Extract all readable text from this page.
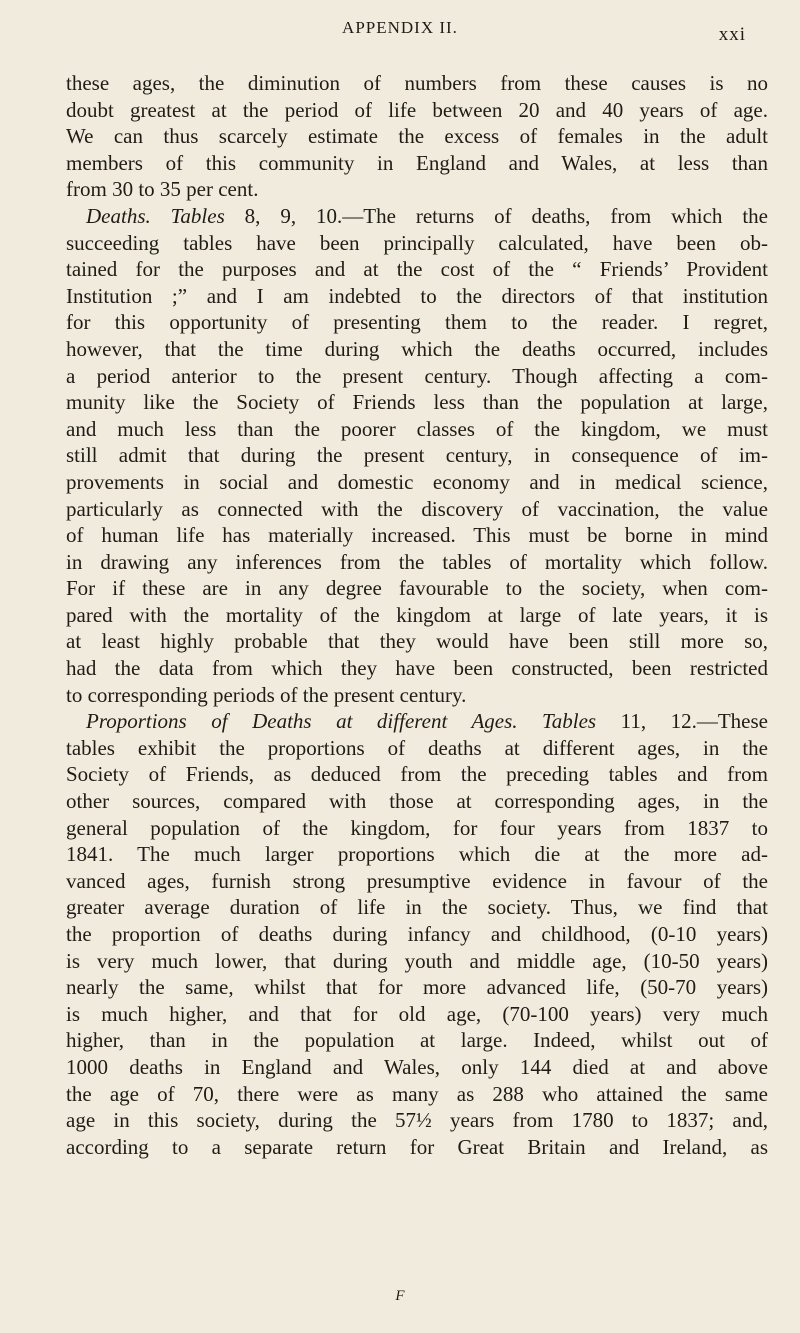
APPENDIX II.	xxi
these ages, the diminution of numbers from these causes is no
doubt greatest at the period of life between 20 and 40 years of age.
We can thus scarcely estimate the excess of females in the adult
members of this community in England and Wales, at less than
from 30 to 35 per cent.
Deaths. Tables 8, 9, 10.—The returns of deaths, from which the
succeeding tables have been principally calculated, have been ob-
tained for the purposes and at the cost of the “ Friends’ Provident
Institution ;” and I am indebted to the directors of that institution
for this opportunity of presenting them to the reader. I regret,
however, that the time during which the deaths occurred, includes
a period anterior to the present century. Though affecting a com-
munity like the Society of Friends less than the population at large,
and much less than the poorer classes of the kingdom, we must
still admit that during the present century, in consequence of im-
provements in social and domestic economy and in medical science,
particularly as connected with the discovery of vaccination, the value
of human life has materially increased. This must be borne in mind
in drawing any inferences from the tables of mortality which follow.
For if these are in any degree favourable to the society, when com-
pared with the mortality of the kingdom at large of late years, it is
at least highly probable that they would have been still more so,
had the data from which they have been constructed, been restricted
to corresponding periods of the present century.
Proportions of Deaths at different Ages. Tables 11, 12.—These
tables exhibit the proportions of deaths at different ages, in the
Society of Friends, as deduced from the preceding tables and from
other sources, compared with those at corresponding ages, in the
general population of the kingdom, for four years from 1837 to
1841. The much larger proportions which die at the more ad-
vanced ages, furnish strong presumptive evidence in favour of the
greater average duration of life in the society. Thus, we find that
the proportion of deaths during infancy and childhood, (0-10 years)
is very much lower, that during youth and middle age, (10-50 years)
nearly the same, whilst that for more advanced life, (50-70 years)
is much higher, and that for old age, (70-100 years) very much
higher, than in the population at large. Indeed, whilst out of
1000 deaths in England and Wales, only 144 died at and above
the age of 70, there were as many as 288 who attained the same
age in this society, during the 57½ years from 1780 to 1837; and,
according to a separate return for Great Britain and Ireland, as
F
